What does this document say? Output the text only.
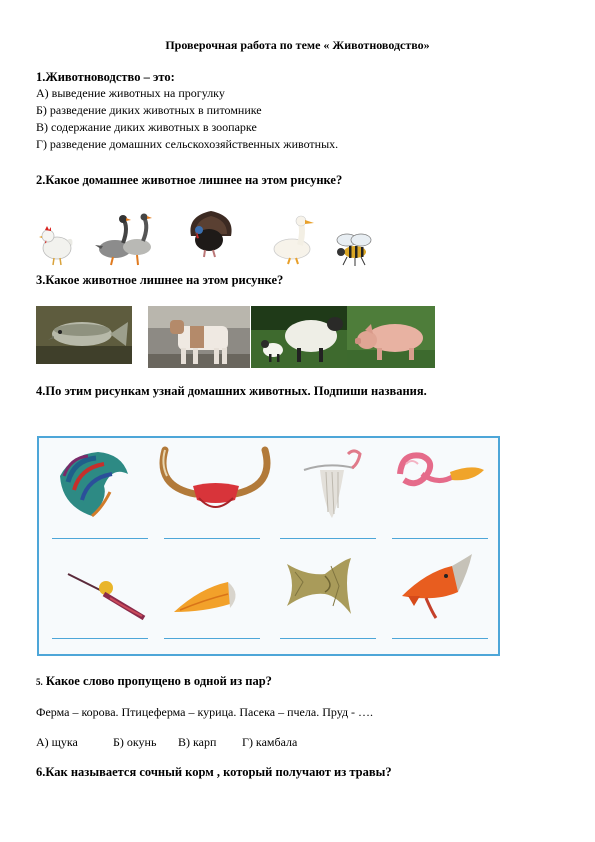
Проверочная работа по теме « Животноводство»
1.Животноводство – это:
А) выведение животных на прогулку
Б) разведение диких животных в питомнике
В) содержание диких животных в зоопарке
Г) разведение домашних сельскохозяйственных животных.
2.Какое домашнее животное лишнее на этом рисунке?
3.Какое животное лишнее на этом рисунке?
4.По этим рисункам узнай домашних животных. Подпиши названия.
5. Какое слово пропущено в одной из пар?
Ферма – корова. Птицеферма – курица. Пасека – пчела. Пруд - ….
А) щука	Б) окунь В) карп Г) камбала
6.Как называется сочный корм , который получают из травы?
